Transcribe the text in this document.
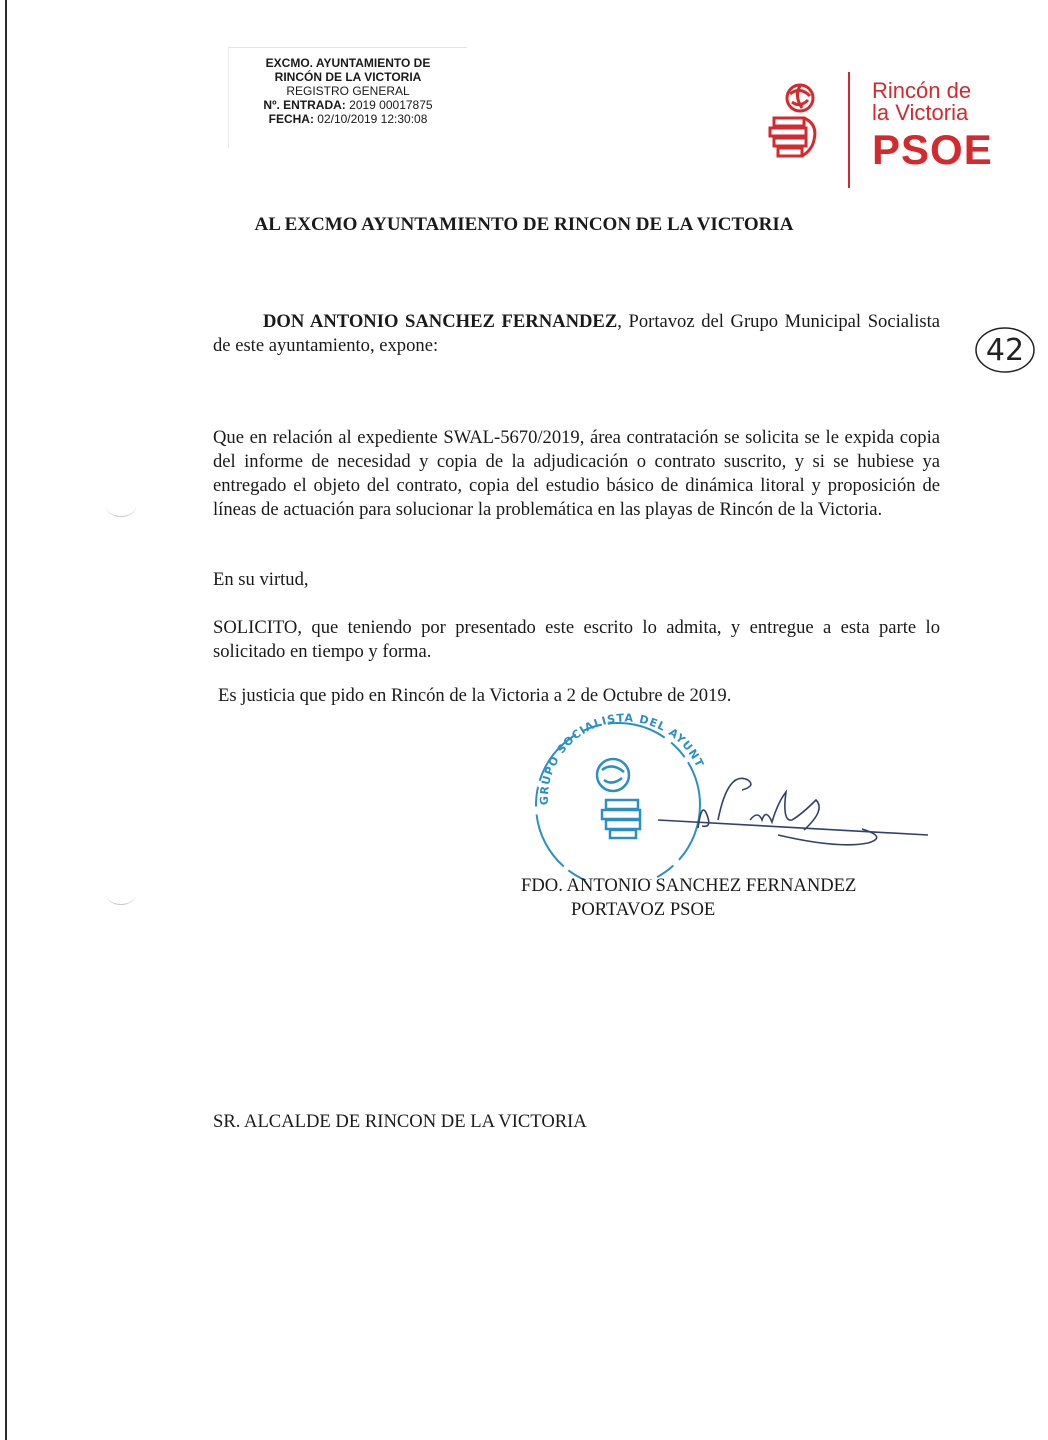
EXCMO. AYUNTAMIENTO DE
RINCÓN DE LA VICTORIA
REGISTRO GENERAL
Nº. ENTRADA: 2019 00017875
FECHA: 02/10/2019 12:30:08
Rincón de
la Victoria
PSOE
AL EXCMO AYUNTAMIENTO DE RINCON DE LA VICTORIA
42
DON ANTONIO SANCHEZ FERNANDEZ, Portavoz del Grupo Municipal Socialista de este ayuntamiento, expone:
Que en relación al expediente SWAL-5670/2019, área contratación se solicita se le expida copia del informe de necesidad y copia de la adjudicación o contrato suscrito, y si se hubiese ya entregado el objeto del contrato, copia del estudio básico de dinámica litoral y proposición de líneas de actuación para solucionar la problemática en las playas de Rincón de la Victoria.
En su virtud,
SOLICITO, que teniendo por presentado este escrito lo admita, y entregue a esta parte lo solicitado en tiempo y forma.
Es justicia que pido en Rincón de la Victoria a 2 de Octubre de 2019.
GRUPO SOCIALISTA DEL AYUNT
A. Sanchez
FDO. ANTONIO SANCHEZ FERNANDEZ
PORTAVOZ PSOE
SR. ALCALDE DE RINCON DE LA VICTORIA
